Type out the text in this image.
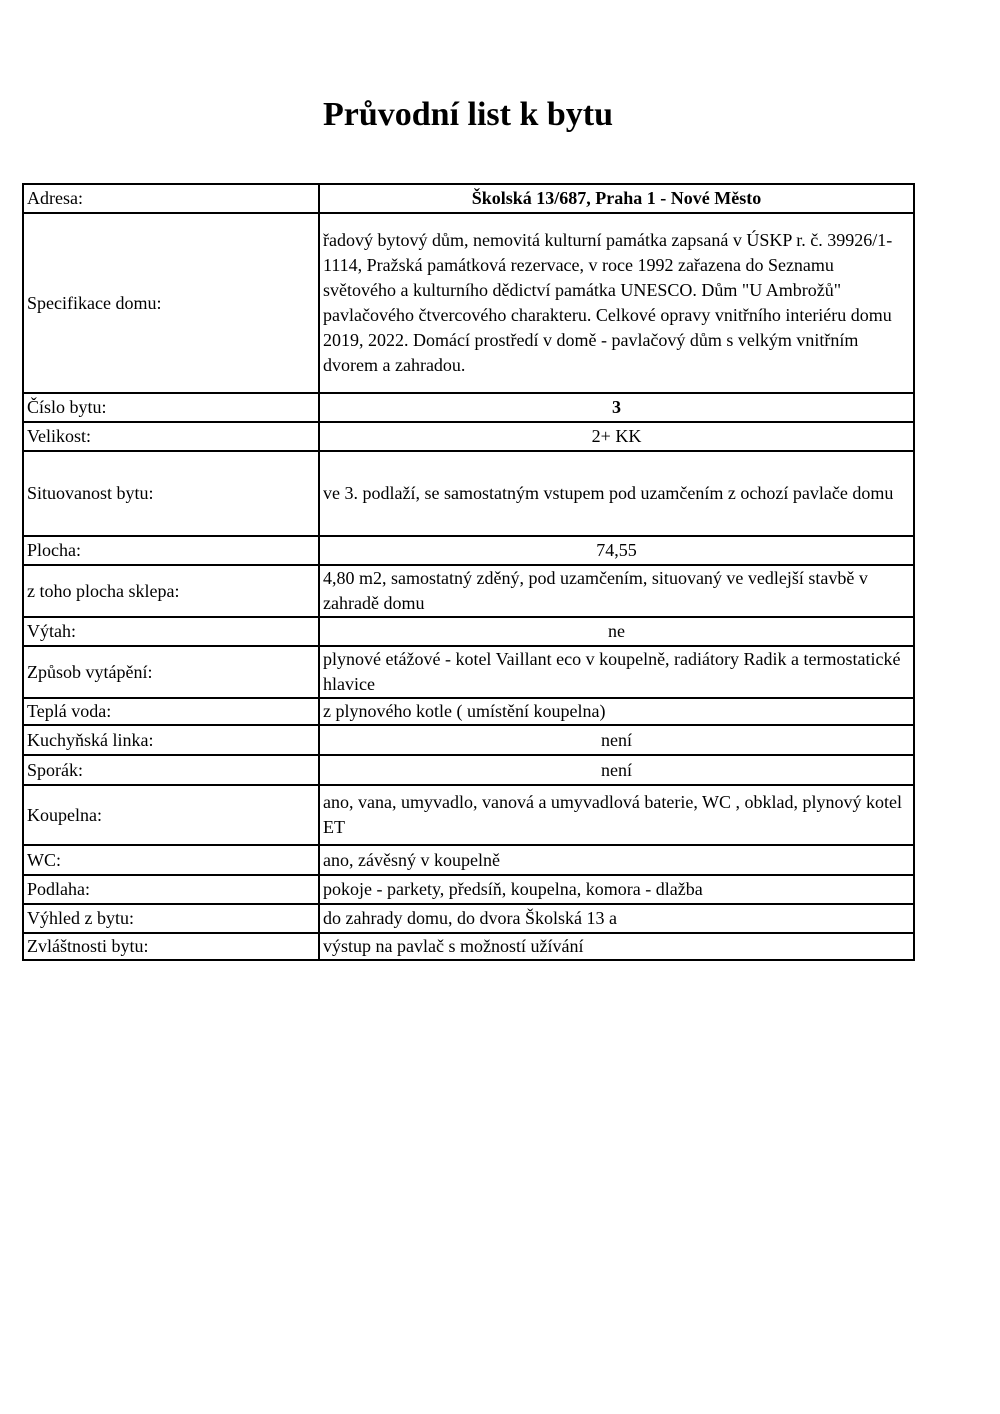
Průvodní list k bytu
Adresa:	Školská 13/687, Praha 1 - Nové Město
Specifikace domu:	řadový bytový dům, nemovitá kulturní památka zapsaná v ÚSKP r. č. 39926/1-1114, Pražská památková rezervace, v roce 1992 zařazena do Seznamu světového a kulturního dědictví památka UNESCO. Dům "U Ambrožů" pavlačového čtvercového charakteru. Celkové opravy vnitřního interiéru domu 2019, 2022. Domácí prostředí v domě - pavlačový dům s velkým vnitřním dvorem a zahradou.
Číslo bytu:	3
Velikost:	2+ KK
Situovanost bytu:	ve 3. podlaží, se samostatným vstupem pod uzamčením z ochozí pavlače domu
Plocha:	74,55
z toho plocha sklepa:	4,80 m2, samostatný zděný, pod uzamčením, situovaný ve vedlejší stavbě v zahradě domu
Výtah:	ne
Způsob vytápění:	plynové etážové - kotel Vaillant eco v koupelně, radiátory Radik a termostatické hlavice
Teplá voda:	z plynového kotle ( umístění koupelna)
Kuchyňská linka:	není
Sporák:	není
Koupelna:	ano, vana, umyvadlo, vanová a umyvadlová baterie, WC , obklad, plynový kotel ET
WC:	ano, závěsný v koupelně
Podlaha:	pokoje - parkety, předsíň, koupelna, komora - dlažba
Výhled z bytu:	do zahrady domu, do dvora Školská 13 a
Zvláštnosti bytu:	výstup na pavlač s možností užívání
